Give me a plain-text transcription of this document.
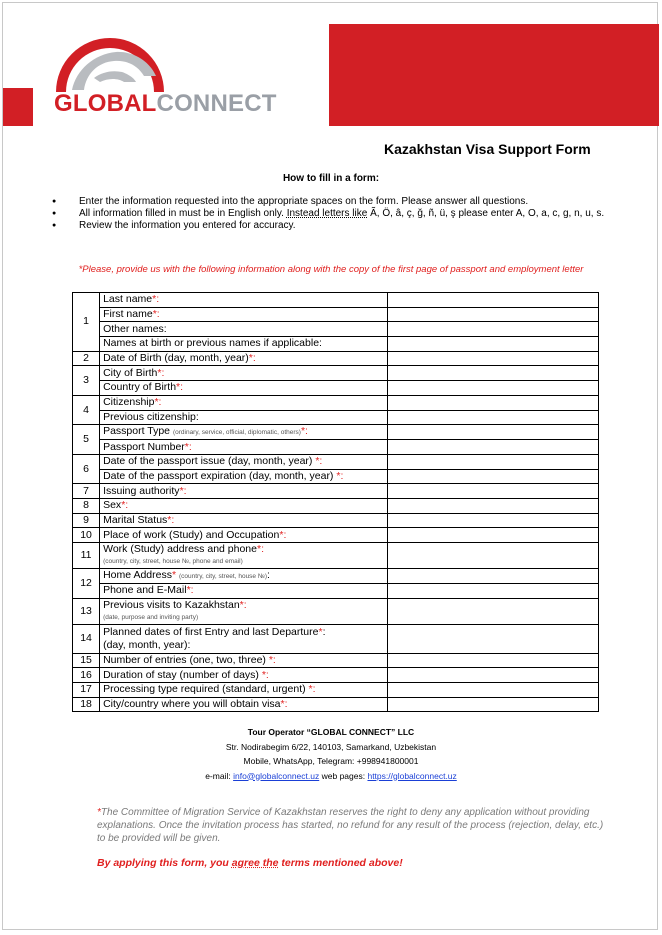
GLOBALCONNECT
Kazakhstan Visa Support Form
How to fill in a form:
● Enter the information requested into the appropriate spaces on the form. Please answer all questions.
● All information filled in must be in English only. Instead letters like Ã, Ö, â, ç, ğ, ñ, ü, ş please enter A, O, a, c, g, n, u, s.
● Review the information you entered for accuracy.
*Please, provide us with the following information along with the copy of the first page of passport and employment letter
1	Last name*:	
	First name*:	
	Other names:	
	Names at birth or previous names if applicable:	
2	Date of Birth (day, month, year)*:	
3	City of Birth*:	
	Country of Birth*:	
4	Citizenship*:	
	Previous citizenship:	
5	Passport Type (ordinary, service, official, diplomatic, others)*:	
	Passport Number*:	
6	Date of the passport issue (day, month, year) *:	
	Date of the passport expiration (day, month, year) *:	
7	Issuing authority*:	
8	Sex*:	
9	Marital Status*:	
10	Place of work (Study) and Occupation*:	
11	Work (Study) address and phone*:
(country, city, street, house №, phone and email)	
12	Home Address* (country, city, street, house №):	
	Phone and E-Mail*:	
13	Previous visits to Kazakhstan*:
(date, purpose and inviting party)	
14	Planned dates of first Entry and last Departure*:
(day, month, year):	
15	Number of entries (one, two, three) *:	
16	Duration of stay (number of days) *:	
17	Processing type required (standard, urgent) *:	
18	City/country where you will obtain visa*:	
Tour Operator “GLOBAL CONNECT” LLC
Str. Nodirabegim 6/22, 140103, Samarkand, Uzbekistan
Mobile, WhatsApp, Telegram: +998941800001
e-mail: info@globalconnect.uz web pages: https://globalconnect.uz
*The Committee of Migration Service of Kazakhstan reserves the right to deny any application without providing explanations. Once the invitation process has started, no refund for any result of the process (rejection, delay, etc.) to be provided will be given.
By applying this form, you agree the terms mentioned above!
